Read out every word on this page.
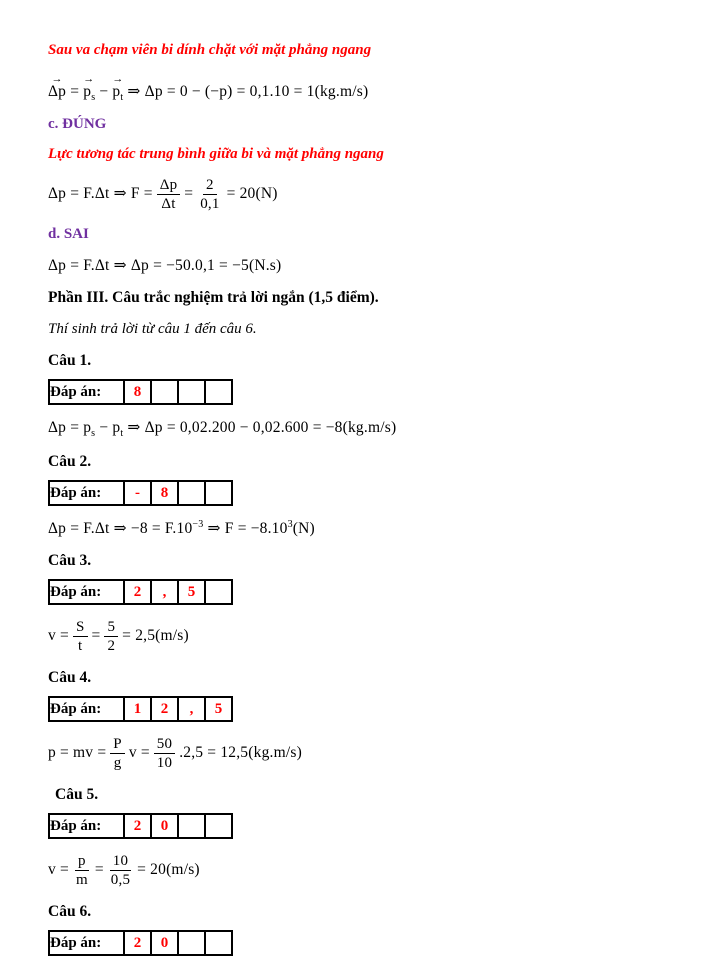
Sau va chạm viên bi dính chặt với mặt phẳng ngang
→
Δp =
→
$p_s$ −
→
$p_t$ ⇒ Δp = 0 − (−p) = 0,1.10 = 1(kg.m/s)
c. ĐÚNG
Lực tương tác trung bình giữa bi và mặt phẳng ngang
Δp = F.Δt ⇒ $F = \frac{\Delta p}{\Delta t} = \frac{2}{0,1} = 20(N)$
d. SAI
Δp = F.Δt ⇒ Δp = −50.0,1 = −5(N.s)
Phần III. Câu trắc nghiệm trả lời ngắn (1,5 điểm).
Thí sinh trả lời từ câu 1 đến câu 6.
Câu 1.
Đáp án:	8			
$\Delta p = p_s - p_t$ ⇒ Δp = 0,02.200 − 0,02.600 = −8(kg.m/s)
Câu 2.
Đáp án:	-	8		
Δp = F.Δt ⇒ $-8 = F.10^{-3}$ ⇒ $F = -8.10^3(N)$
Câu 3.
Đáp án:	2	,	5	
$v = \frac{S}{t} = \frac{5}{2} = 2,5(m/s)$
Câu 4.
Đáp án:	1	2	,	5
p = mv = $\frac{P}{g}$ $v = \frac{50}{10} .2,5 = 12,5(kg.m/s)$
Câu 5.
Đáp án:	2	0		
$v = \frac{p}{m} = \frac{10}{0,5} = 20(m/s)$
Câu 6.
Đáp án:	2	0		
